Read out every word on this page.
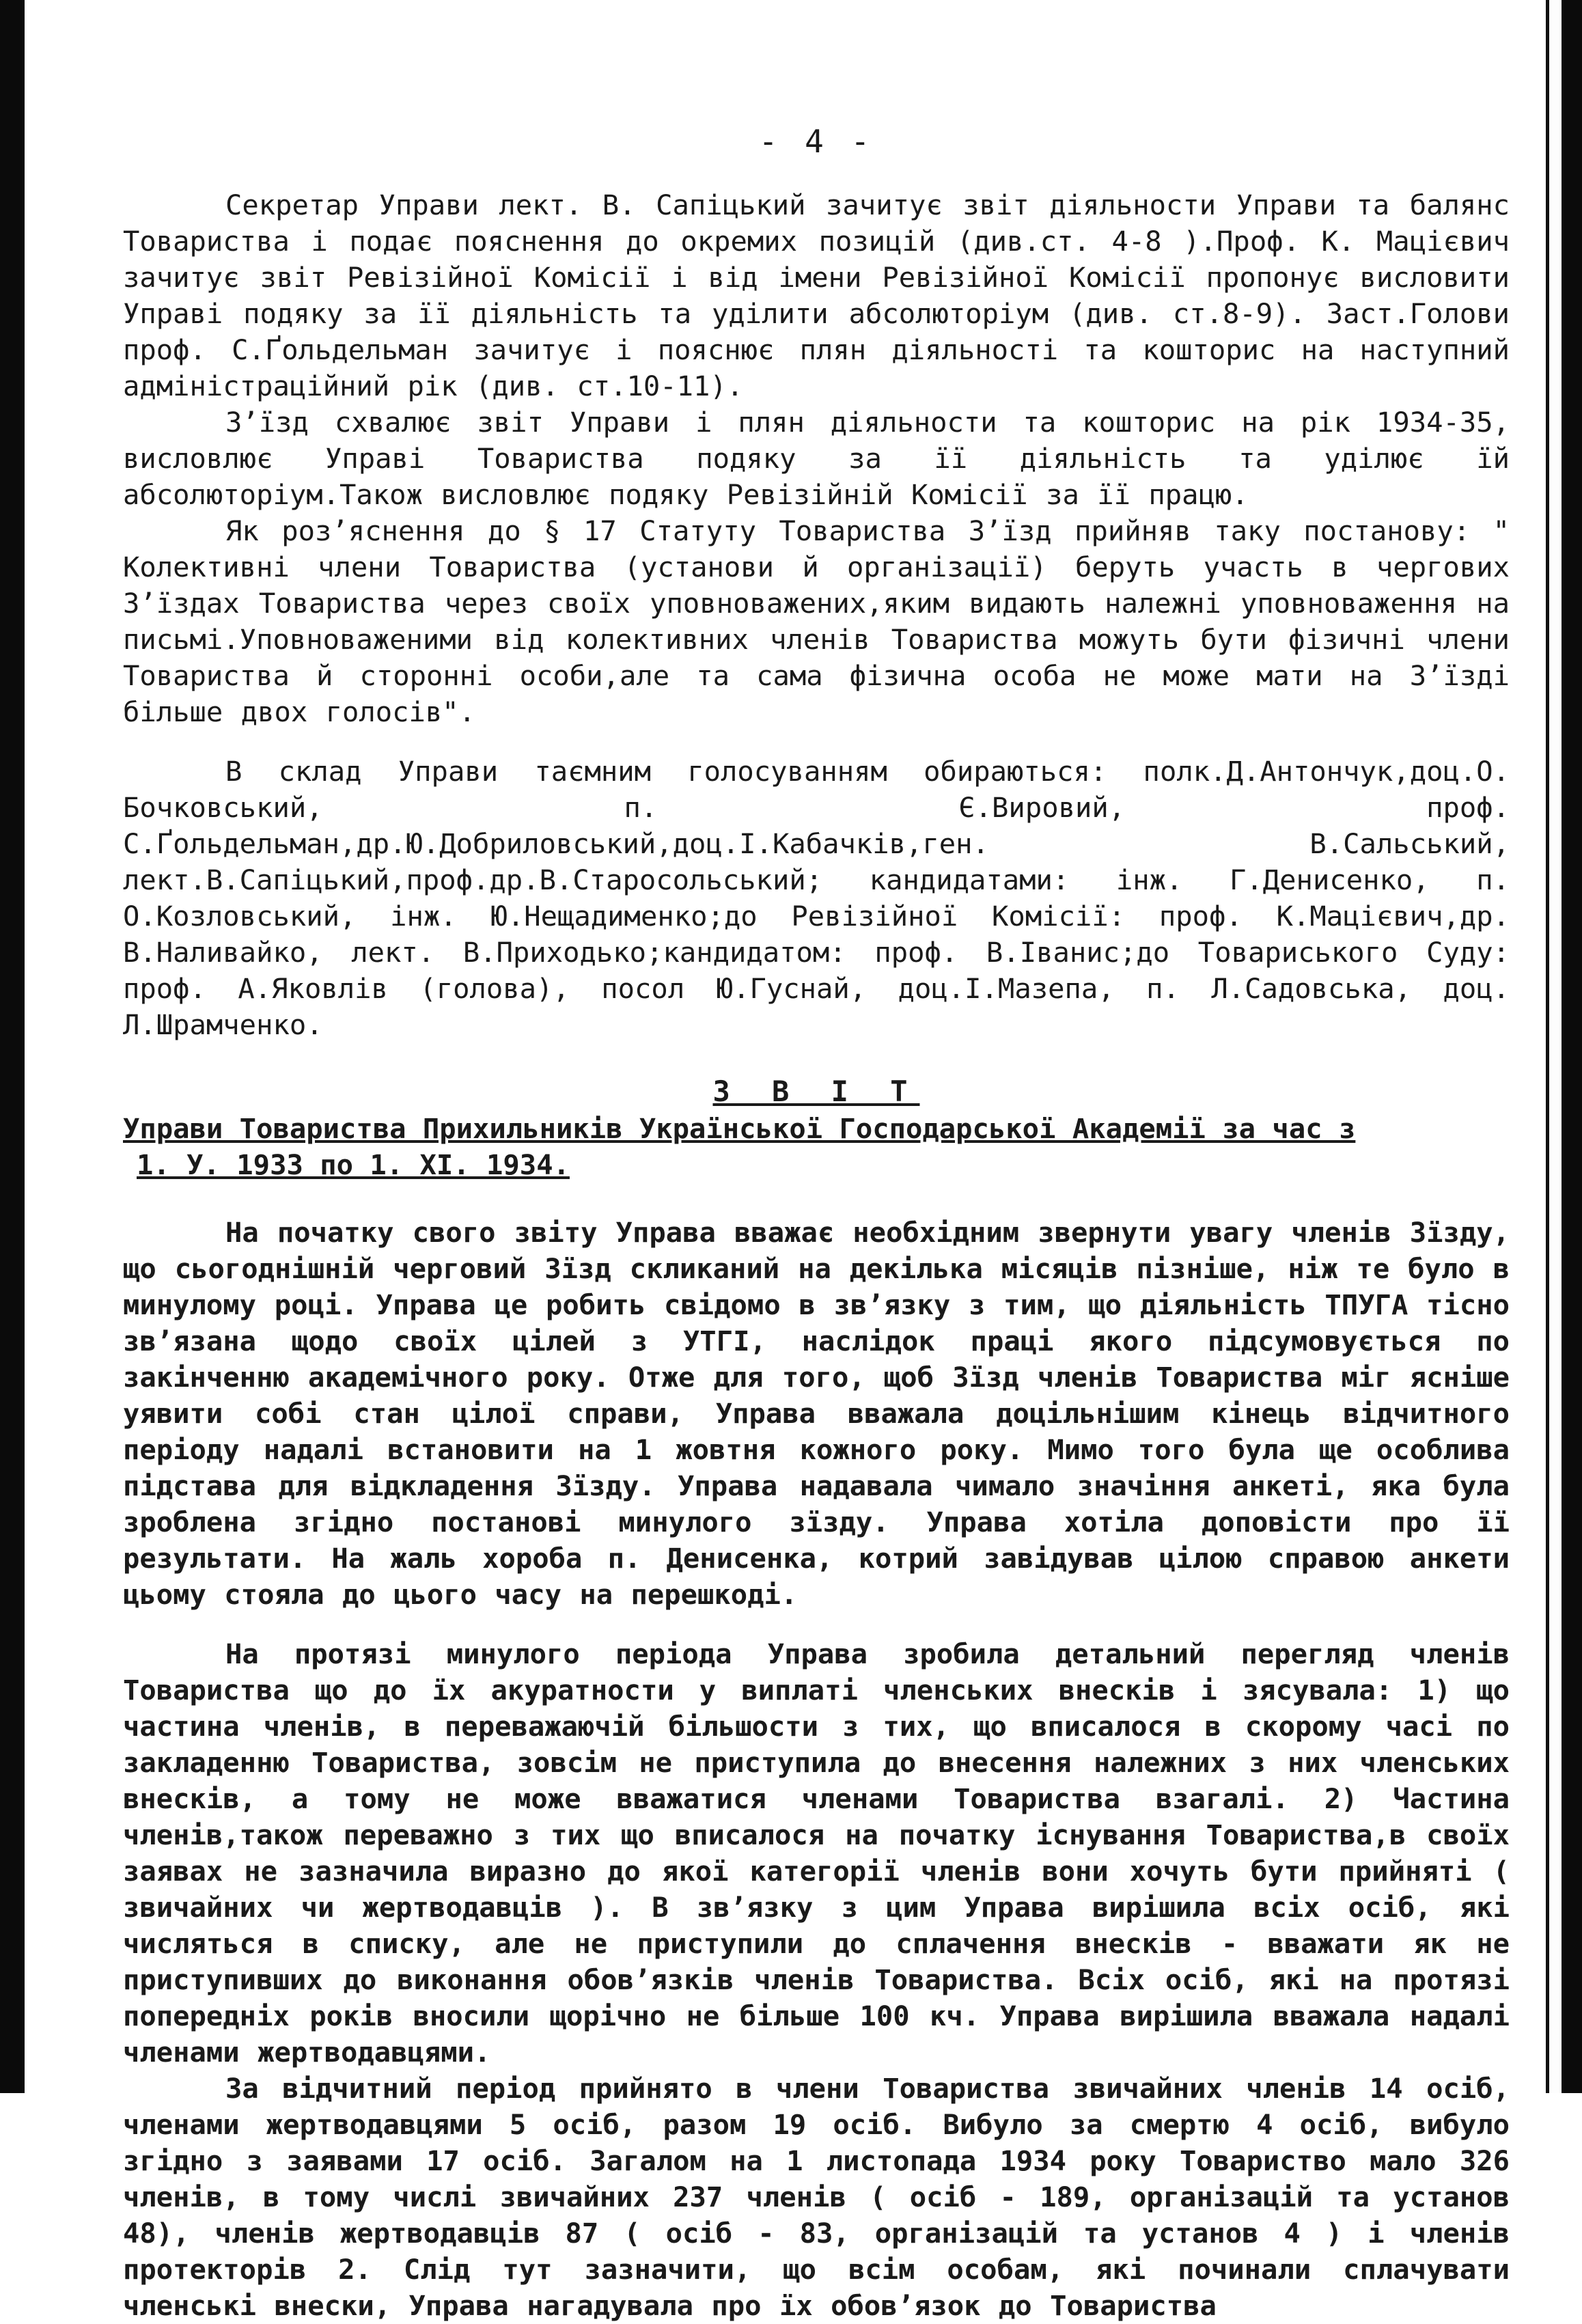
- 4 -

Секретар Управи лект. В. Сапіцький зачитує звіт діяльности Управи та балянс Товариства і подає пояснення до окремих позицій (див.ст. 4-8 ).Проф. К. Мацієвич зачитує звіт Ревізійної Комісії і від імени Ревізійної Комісії пропонує висловити Управі подяку за її діяльність та уділити абсолюторіум (див. ст.8-9). Заст.Голови проф. С.Ґольдельман зачитує і пояснює плян діяльності та кошторис на наступний адміністраційний рік (див. ст.10-11).

З’їзд схвалює звіт Управи і плян діяльности та кошторис на рік 1934-35, висловлює Управі Товариства подяку за її діяльність та уділює їй абсолюторіум.Також висловлює подяку Ревізійній Комісії за її працю.

Як роз’яснення до § 17 Статуту Товариства З’їзд прийняв таку постанову: " Колективні члени Товариства (установи й організації) беруть участь в чергових З’їздах Товариства через своїх уповноважених,яким видають належні уповноваження на письмі.Уповноваженими від колективних членів Товариства можуть бути фізичні члени Товариства й сторонні особи,але та сама фізична особа не може мати на З’їзді більше двох голосів".

В склад Управи таємним голосуванням обираються: полк.Д.Антончук,доц.О. Бочковський, п. Є.Вировий, проф. С.Ґольдельман,др.Ю.Добриловський,доц.І.Кабачків,ген. В.Сальський, лект.В.Сапіцький,проф.др.В.Старосольський; кандидатами: інж. Г.Денисенко, п. О.Козловський, інж. Ю.Нещадименко;до Ревізійної Комісії: проф. К.Мацієвич,др. В.Наливайко, лект. В.Приходько;кандидатом: проф. В.Іванис;до Товариського Суду: проф. А.Яковлів (голова), посол Ю.Гуснай, доц.І.Мазепа, п. Л.Садовська, доц. Л.Шрамченко.

З В І Т
Управи Товариства Прихильників Української Господарської Академії за час з
1. У. 1933 по 1. XI. 1934.

На початку свого звіту Управа вважає необхідним звернути увагу членів Зїзду, що сьогоднішній черговий Зїзд скликаний на декілька місяців пізніше, ніж те було в минулому році. Управа це робить свідомо в зв’язку з тим, що діяльність ТПУГА тісно зв’язана щодо своїх цілей з УТГІ, наслідок праці якого підсумовується по закінченню академічного року. Отже для того, щоб Зїзд членів Товариства міг ясніше уявити собі стан цілої справи, Управа вважала доцільнішим кінець відчитного періоду надалі встановити на 1 жовтня кожного року. Мимо того була ще особлива підстава для відкладення Зїзду. Управа надавала чимало значіння анкеті, яка була зроблена згідно постанові минулого зїзду. Управа хотіла доповісти про її результати. На жаль хороба п. Денисенка, котрий завідував цілою справою анкети цьому стояла до цього часу на перешкоді.

На протязі минулого періода Управа зробила детальний перегляд членів Товариства що до їх акуратности у виплаті членських внесків і зясувала: 1) що частина членів, в переважаючій більшости з тих, що вписалося в скорому часі по закладенню Товариства, зовсім не приступила до внесення належних з них членських внесків, а тому не може вважатися членами Товариства взагалі. 2) Частина членів,також переважно з тих що вписалося на початку існування Товариства,в своїх заявах не зазначила виразно до якої категорії членів вони хочуть бути прийняті ( звичайних чи жертводавців ). В зв’язку з цим Управа вирішила всіх осіб, які числяться в списку, але не приступили до сплачення внесків - вважати як не приступивших до виконання обов’язків членів Товариства. Всіх осіб, які на протязі попередніх років вносили щорічно не більше 100 кч. Управа вирішила вважала надалі членами жертводавцями.

За відчитний період прийнято в члени Товариства звичайних членів 14 осіб, членами жертводавцями 5 осіб, разом 19 осіб. Вибуло за смертю 4 осіб, вибуло згідно з заявами 17 осіб. Загалом на 1 листопада 1934 року Товариство мало 326 членів, в тому числі звичайних 237 членів ( осіб - 189, організацій та установ 48), членів жертводавців 87 ( осіб - 83, організацій та установ 4 ) і членів протекторів 2. Слід тут зазначити, що всім особам, які починали сплачувати членські внески, Управа нагадувала про їх обов’язок до Товариства
